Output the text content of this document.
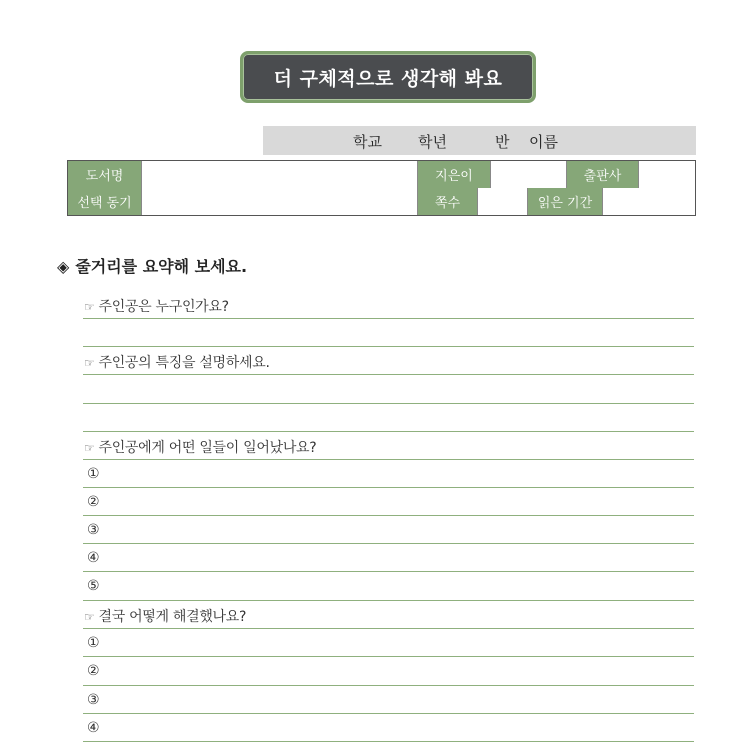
더 구체적으로 생각해 봐요
학교 학년	반 이름
도서명	지은이	출판사
선택 동기	쪽수	읽은 기간
◈ 줄거리를 요약해 보세요.
☞ 주인공은 누구인가요?
☞ 주인공의 특징을 설명하세요.
☞ 주인공에게 어떤 일들이 일어났나요?
①
②
③
④
⑤
☞ 결국 어떻게 해결했나요?
①
②
③
④
